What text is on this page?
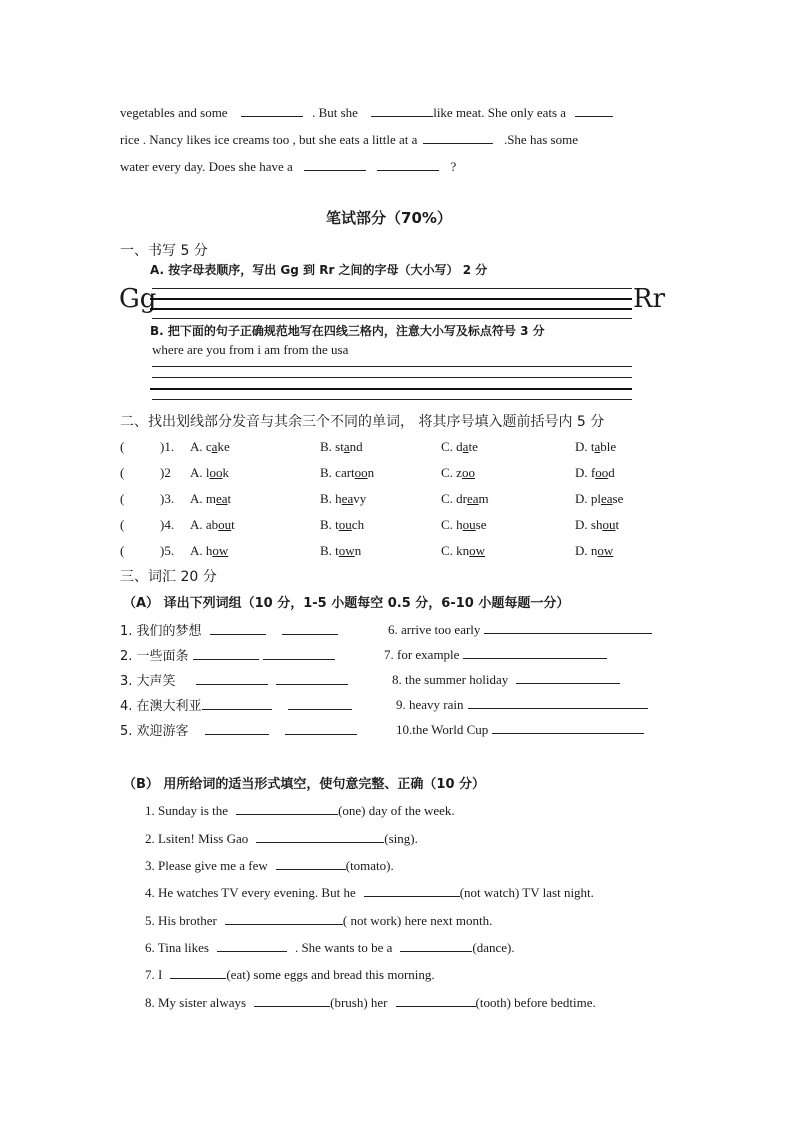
vegetables and some	. But she	like meat. She only eats a
rice . Nancy likes ice creams too , but she eats a little at a	.She has some
water every day. Does she have a	?
笔试部分（70%）
一、书写 5 分
A. 按字母表顺序，写出 Gg 到 Rr 之间的字母（大小写） 2 分
Gg	Rr
B. 把下面的句子正确规范地写在四线三格内，注意大小写及标点符号 3 分
where are you from i am from the usa
二、找出划线部分发音与其余三个不同的单词， 将其序号填入题前括号内 5 分
(	)1. A. cake	B. stand	C. date	D. table
(	)2 A. look	B. cartoon	C. zoo	D. food
(	)3. A. meat	B. heavy	C. dream	D. please
(	)4. A. about	B. touch	C. house	D. shout
(	)5. A. how	B. town	C. know	D. now
三、词汇 20 分
（A） 译出下列词组（10 分，1-5 小题每空 0.5 分，6-10 小题每题一分）
1. 我们的梦想
2. 一些面条
3. 大声笑
4. 在澳大利亚
5. 欢迎游客
6. arrive too early
7. for example
8. the summer holiday
9. heavy rain
10.the World Cup
（B） 用所给词的适当形式填空，使句意完整、正确（10 分）
1. Sunday is the	(one) day of the week.
2. Lsiten! Miss Gao	(sing).
3. Please give me a few	(tomato).
4. He watches TV every evening. But he	(not watch) TV last night.
5. His brother	( not work) here next month.
6. Tina likes	. She wants to be a	(dance).
7. I	(eat) some eggs and bread this morning.
8. My sister always	(brush) her	(tooth) before bedtime.
